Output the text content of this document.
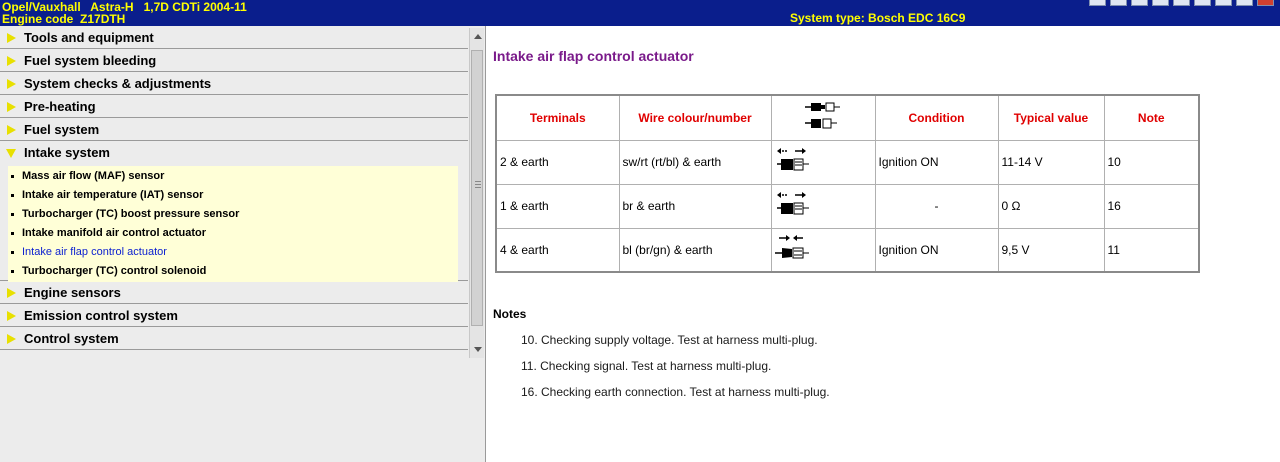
Opel/Vauxhall   Astra-H   1,7D CDTi 2004-11
Engine code  Z17DTH	System type: Bosch EDC 16C9
Tools and equipment
Fuel system bleeding
System checks & adjustments
Pre-heating
Fuel system
Intake system
Engine sensors
Emission control system
Control system
Mass air flow (MAF) sensor
Intake air temperature (IAT) sensor
Turbocharger (TC) boost pressure sensor
Intake manifold air control actuator
Intake air flap control actuator
Turbocharger (TC) control solenoid
Intake air flap control actuator
Terminals	Wire colour/number		Condition	Typical value	Note
2 & earth	sw/rt (rt/bl) & earth		Ignition ON	11-14 V	10
1 & earth	br & earth		-	0 Ω	16
4 & earth	bl (br/gn) & earth		Ignition ON	9,5 V	11
Notes
10. Checking supply voltage. Test at harness multi-plug.
11. Checking signal. Test at harness multi-plug.
16. Checking earth connection. Test at harness multi-plug.
